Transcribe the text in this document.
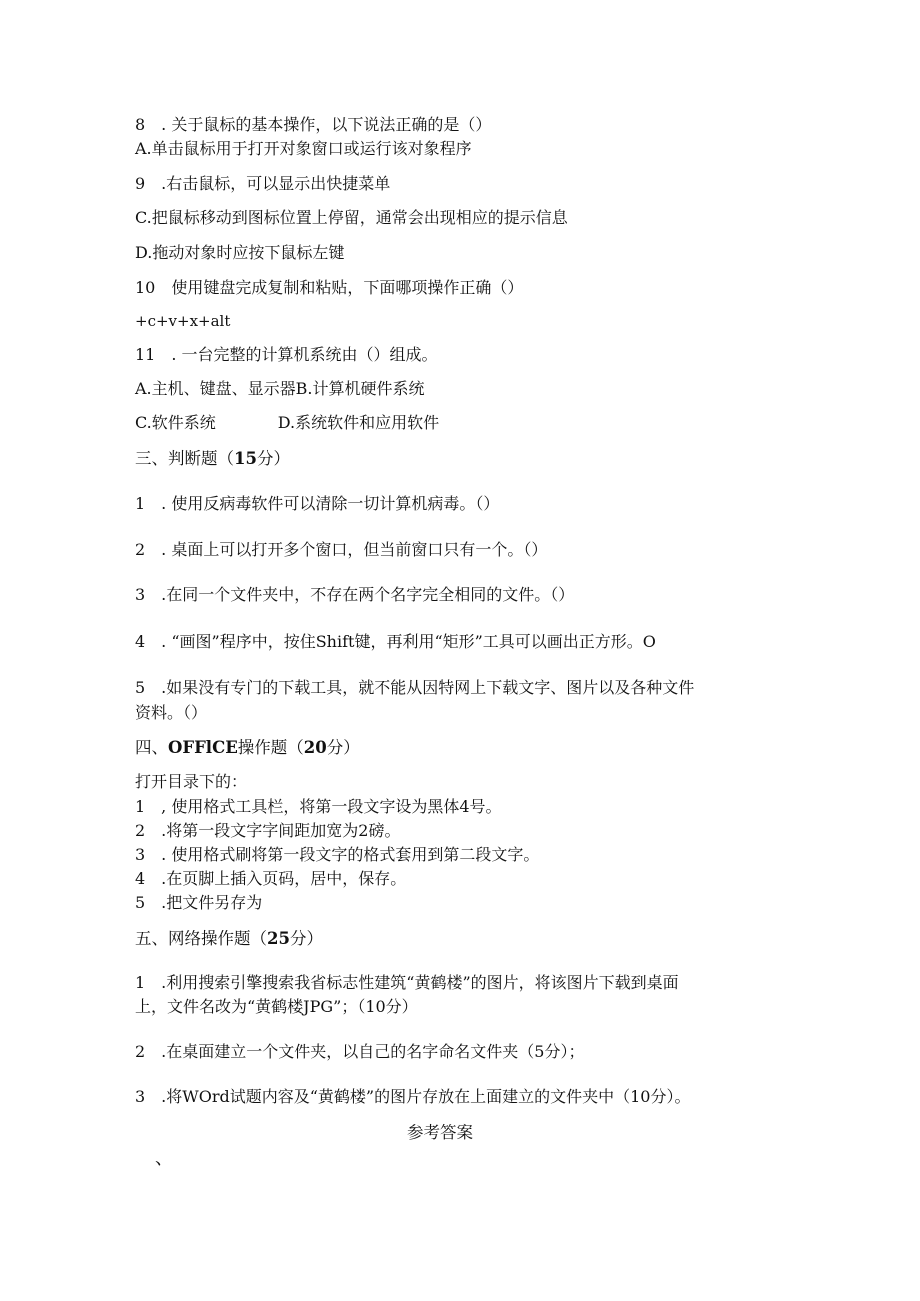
8　. 关于鼠标的基本操作，以下说法正确的是（）
A.单击鼠标用于打开对象窗口或运行该对象程序
9　.右击鼠标，可以显示出快捷菜单
C.把鼠标移动到图标位置上停留，通常会出现相应的提示信息
D.拖动对象时应按下鼠标左键
10　使用键盘完成复制和粘贴，下面哪项操作正确（）
+c+v+x+alt
11　. 一台完整的计算机系统由（）组成。
A.主机、键盘、显示器B.计算机硬件系统
C.软件系统	D.系统软件和应用软件
三、判断题（15分）
1　. 使用反病毒软件可以清除一切计算机病毒。（）
2　. 桌面上可以打开多个窗口，但当前窗口只有一个。（）
3　.在同一个文件夹中，不存在两个名字完全相同的文件。（）
4　. “画图”程序中，按住Shift键，再利用“矩形”工具可以画出正方形。O
5　.如果没有专门的下载工具，就不能从因特网上下载文字、图片以及各种文件
资料。（）
四、OFFlCE操作题（20分）
打开目录下的：
1　, 使用格式工具栏，将第一段文字设为黑体4号。
2　.将第一段文字字间距加宽为2磅。
3　. 使用格式刷将第一段文字的格式套用到第二段文字。
4　.在页脚上插入页码，居中，保存。
5　.把文件另存为
五、网络操作题（25分）
1　.利用搜索引擎搜索我省标志性建筑“黄鹤楼”的图片，将该图片下载到桌面
上，文件名改为“黄鹤楼JPG”；（10分）
2　.在桌面建立一个文件夹，以自己的名字命名文件夹（5分）；
3　.将WOrd试题内容及“黄鹤楼”的图片存放在上面建立的文件夹中（10分）。
参考答案
、
